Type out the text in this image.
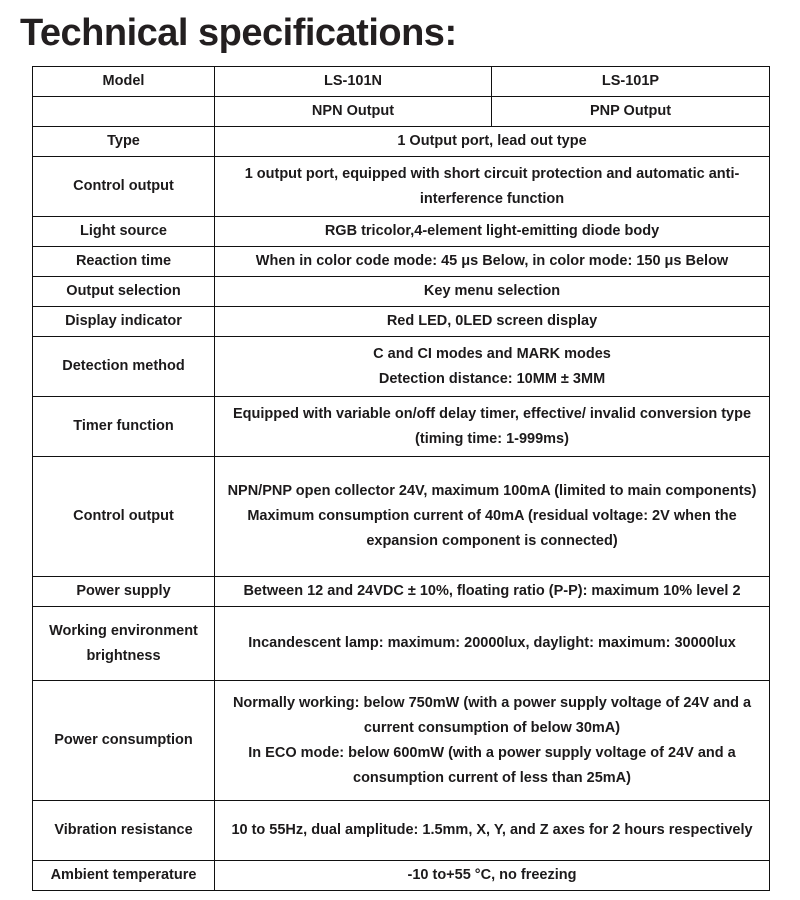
Technical specifications:
Model	LS-101N	LS-101P
	NPN Output	PNP Output
Type	1 Output port, lead out type	

Control output	1 output port, equipped with short circuit protection and automatic anti-interference function	

Light source	RGB tricolor,4-element light-emitting diode body	

Reaction time	When in color code mode: 45 μs Below, in color mode: 150 μs Below	

Output selection	Key menu selection	

Display indicator	Red LED, 0LED screen display	

Detection method	C and CI modes and MARK modes
Detection distance: 10MM ± 3MM	

Timer function	Equipped with variable on/off delay timer, effective/ invalid conversion type (timing time: 1-999ms)	

Control output	NPN/PNP open collector 24V, maximum 100mA (limited to main components)
Maximum consumption current of 40mA (residual voltage: 2V when the expansion component is connected)	

Power supply	Between 12 and 24VDC ± 10%, floating ratio (P-P): maximum 10% level 2	

Working environment brightness	Incandescent lamp: maximum: 20000lux, daylight: maximum: 30000lux	

Power consumption	Normally working: below 750mW (with a power supply voltage of 24V and a current consumption of below 30mA)
In ECO mode: below 600mW (with a power supply voltage of 24V and a consumption current of less than 25mA)	

Vibration resistance	10 to 55Hz, dual amplitude: 1.5mm, X, Y, and Z axes for 2 hours respectively	

Ambient temperature	-10 to+55 °C, no freezing	
